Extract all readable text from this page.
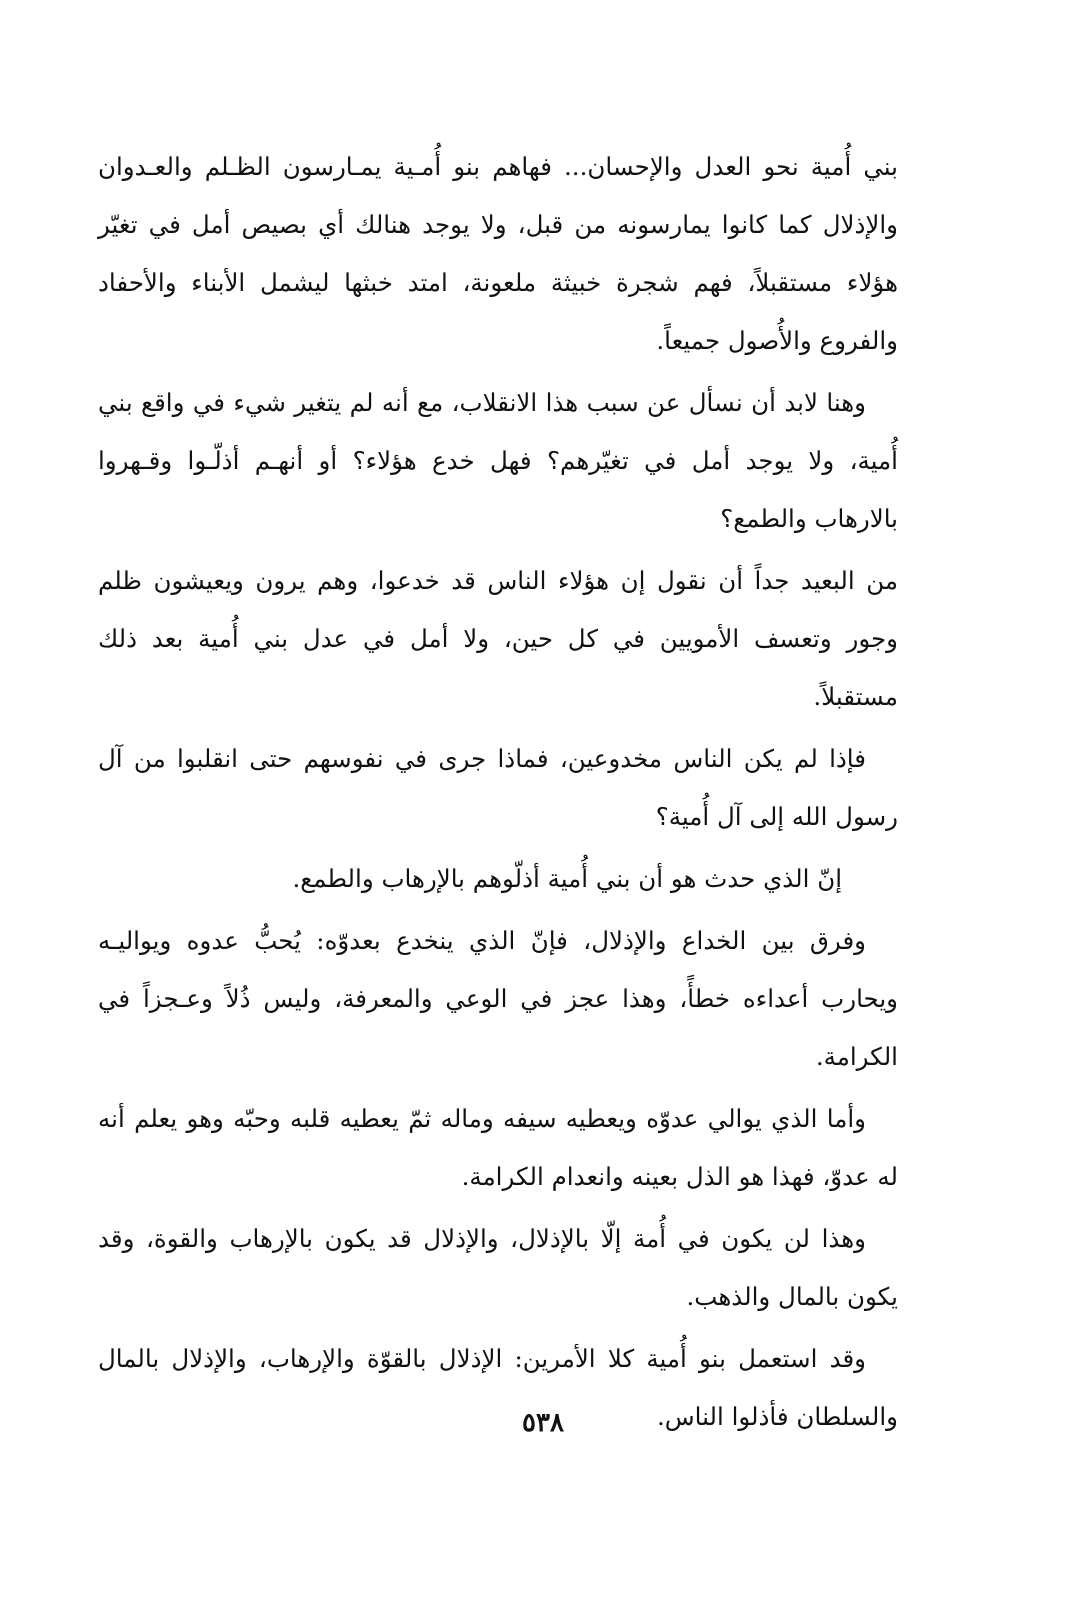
بني أُمية نحو العدل والإحسان... فهاهم بنو أُمـية يمـارسون الظـلم والعـدوان والإذلال كما كانوا يمارسونه من قبل، ولا يوجد هنالك أي بصيص أمل في تغيّر هؤلاء مستقبلاً، فهم شجرة خبيثة ملعونة، امتد خبثها ليشمل الأبناء والأحفاد والفروع والأُصول جميعاً.

وهنا لابد أن نسأل عن سبب هذا الانقلاب، مع أنه لم يتغير شيء في واقع بني أُمية، ولا يوجد أمل في تغيّرهم؟ فهل خدع هؤلاء؟ أو أنهـم أذلّـوا وقـهروا بالارهاب والطمع؟

من البعيد جداً أن نقول إن هؤلاء الناس قد خدعوا، وهم يرون ويعيشون ظلم وجور وتعسف الأمويين في كل حين، ولا أمل في عدل بني أُمية بعد ذلك مستقبلاً.

فإذا لم يكن الناس مخدوعين، فماذا جرى في نفوسهم حتى انقلبوا من آل رسول الله إلى آل أُمية؟

إنّ الذي حدث هو أن بني أُمية أذلّوهم بالإرهاب والطمع.

وفرق بين الخداع والإذلال، فإنّ الذي ينخدع بعدوّه: يُحبُّ عدوه ويواليـه ويحارب أعداءه خطأً، وهذا عجز في الوعي والمعرفة، وليس ذُلاً وعـجزاً في الكرامة.

وأما الذي يوالي عدوّه ويعطيه سيفه وماله ثمّ يعطيه قلبه وحبّه وهو يعلم أنه له عدوّ، فهذا هو الذل بعينه وانعدام الكرامة.

وهذا لن يكون في أُمة إلّا بالإذلال، والإذلال قد يكون بالإرهاب والقوة، وقد يكون بالمال والذهب.

وقد استعمل بنو أُمية كلا الأمرين: الإذلال بالقوّة والإرهاب، والإذلال بالمال والسلطان فأذلوا الناس.

٥٣٨
